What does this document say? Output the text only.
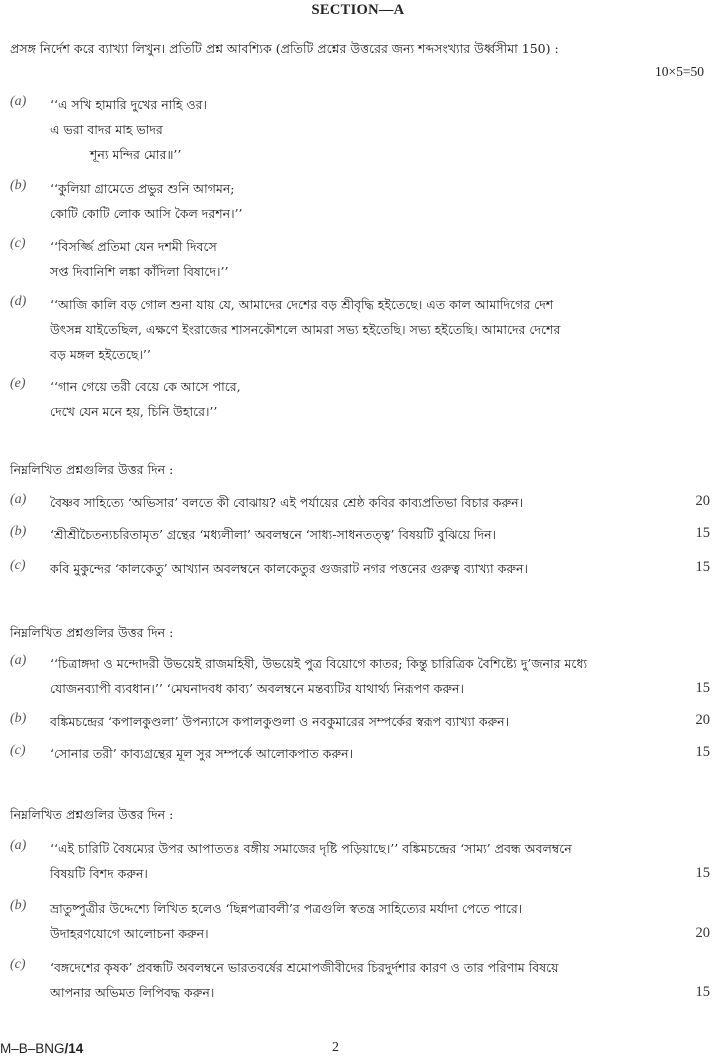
SECTION—A
প্রসঙ্গ নির্দেশ করে ব্যাখ্যা লিখুন। প্রতিটি প্রশ্ন আবশ্যিক (প্রতিটি প্রশ্নের উত্তরের জন্য শব্দসংখ্যার উর্ধ্বসীমা 150) :
10×5=50
(a) ‘‘এ সখি হামারি দুখের নাহি ওর।
এ ভরা বাদর মাহ ভাদর
শূন্য মন্দির মোর॥’’
(b) ‘‘কুলিয়া গ্রামেতে প্রভুর শুনি আগমন;
কোটি কোটি লোক আসি কৈল দরশন।’’
(c) ‘‘বিসর্জ্জি প্রতিমা যেন দশমী দিবসে
সপ্ত দিবানিশি লঙ্কা কাঁদিলা বিষাদে।’’
(d) ‘‘আজি কালি বড় গোল শুনা যায় যে, আমাদের দেশের বড় শ্রীবৃদ্ধি হইতেছে। এত কাল আমাদিগের দেশ
উৎসন্ন যাইতেছিল, এক্ষণে ইংরাজের শাসনকৌশলে আমরা সভ্য হইতেছি। সভ্য হইতেছি। আমাদের দেশের
বড় মঙ্গল হইতেছে।’’
(e) ‘‘গান গেয়ে তরী বেয়ে কে আসে পারে,
দেখে যেন মনে হয়, চিনি উহারে।’’
নিম্নলিখিত প্রশ্নগুলির উত্তর দিন :
(a) বৈষ্ণব সাহিত্যে ‘অভিসার’ বলতে কী বোঝায়? এই পর্যায়ের শ্রেষ্ঠ কবির কাব্যপ্রতিভা বিচার করুন।	20
(b) ‘শ্রীশ্রীচৈতন্যচরিতামৃত’ গ্রন্থের ‘মধ্যলীলা’ অবলম্বনে ‘সাধ্য-সাধনতত্ত্ব’ বিষয়টি বুঝিয়ে দিন।	15
(c) কবি মুকুন্দের ‘কালকেতু’ আখ্যান অবলম্বনে কালকেতুর গুজরাট নগর পত্তনের গুরুত্ব ব্যাখ্যা করুন।	15
নিম্নলিখিত প্রশ্নগুলির উত্তর দিন :
(a) ‘‘চিত্রাঙ্গদা ও মন্দোদরী উভয়েই রাজমহিষী, উভয়েই পুত্র বিয়োগে কাতর; কিন্তু চারিত্রিক বৈশিষ্ট্যে দু’জনার মধ্যে
যোজনব্যাপী ব্যবধান।’’ ‘মেঘনাদবধ কাব্য’ অবলম্বনে মন্তব্যটির যাথার্থ্য নিরূপণ করুন।	15
(b) বঙ্কিমচন্দ্রের ‘কপালকুণ্ডলা’ উপন্যাসে কপালকুণ্ডলা ও নবকুমারের সম্পর্কের স্বরূপ ব্যাখ্যা করুন।	20
(c) ‘সোনার তরী’ কাব্যগ্রন্থের মূল সুর সম্পর্কে আলোকপাত করুন।	15
নিম্নলিখিত প্রশ্নগুলির উত্তর দিন :
(a) ‘‘এই চারিটি বৈষম্যের উপর আপাততঃ বঙ্গীয় সমাজের দৃষ্টি পড়িয়াছে।’’ বঙ্কিমচন্দ্রের ‘সাম্য’ প্রবন্ধ অবলম্বনে
বিষয়টি বিশদ করুন।	15
(b) ভ্রাতুষ্পুত্রীর উদ্দেশ্যে লিখিত হলেও ‘ছিন্নপত্রাবলী’র পত্রগুলি স্বতন্ত্র সাহিত্যের মর্যাদা পেতে পারে।
উদাহরণযোগে আলোচনা করুন।	20
(c) ‘বঙ্গদেশের কৃষক’ প্রবন্ধটি অবলম্বনে ভারতবর্ষের শ্রমোপজীবীদের চিরদুর্দশার কারণ ও তার পরিণাম বিষয়ে
আপনার অভিমত লিপিবদ্ধ করুন।	15
M–B–BNG/14	2
